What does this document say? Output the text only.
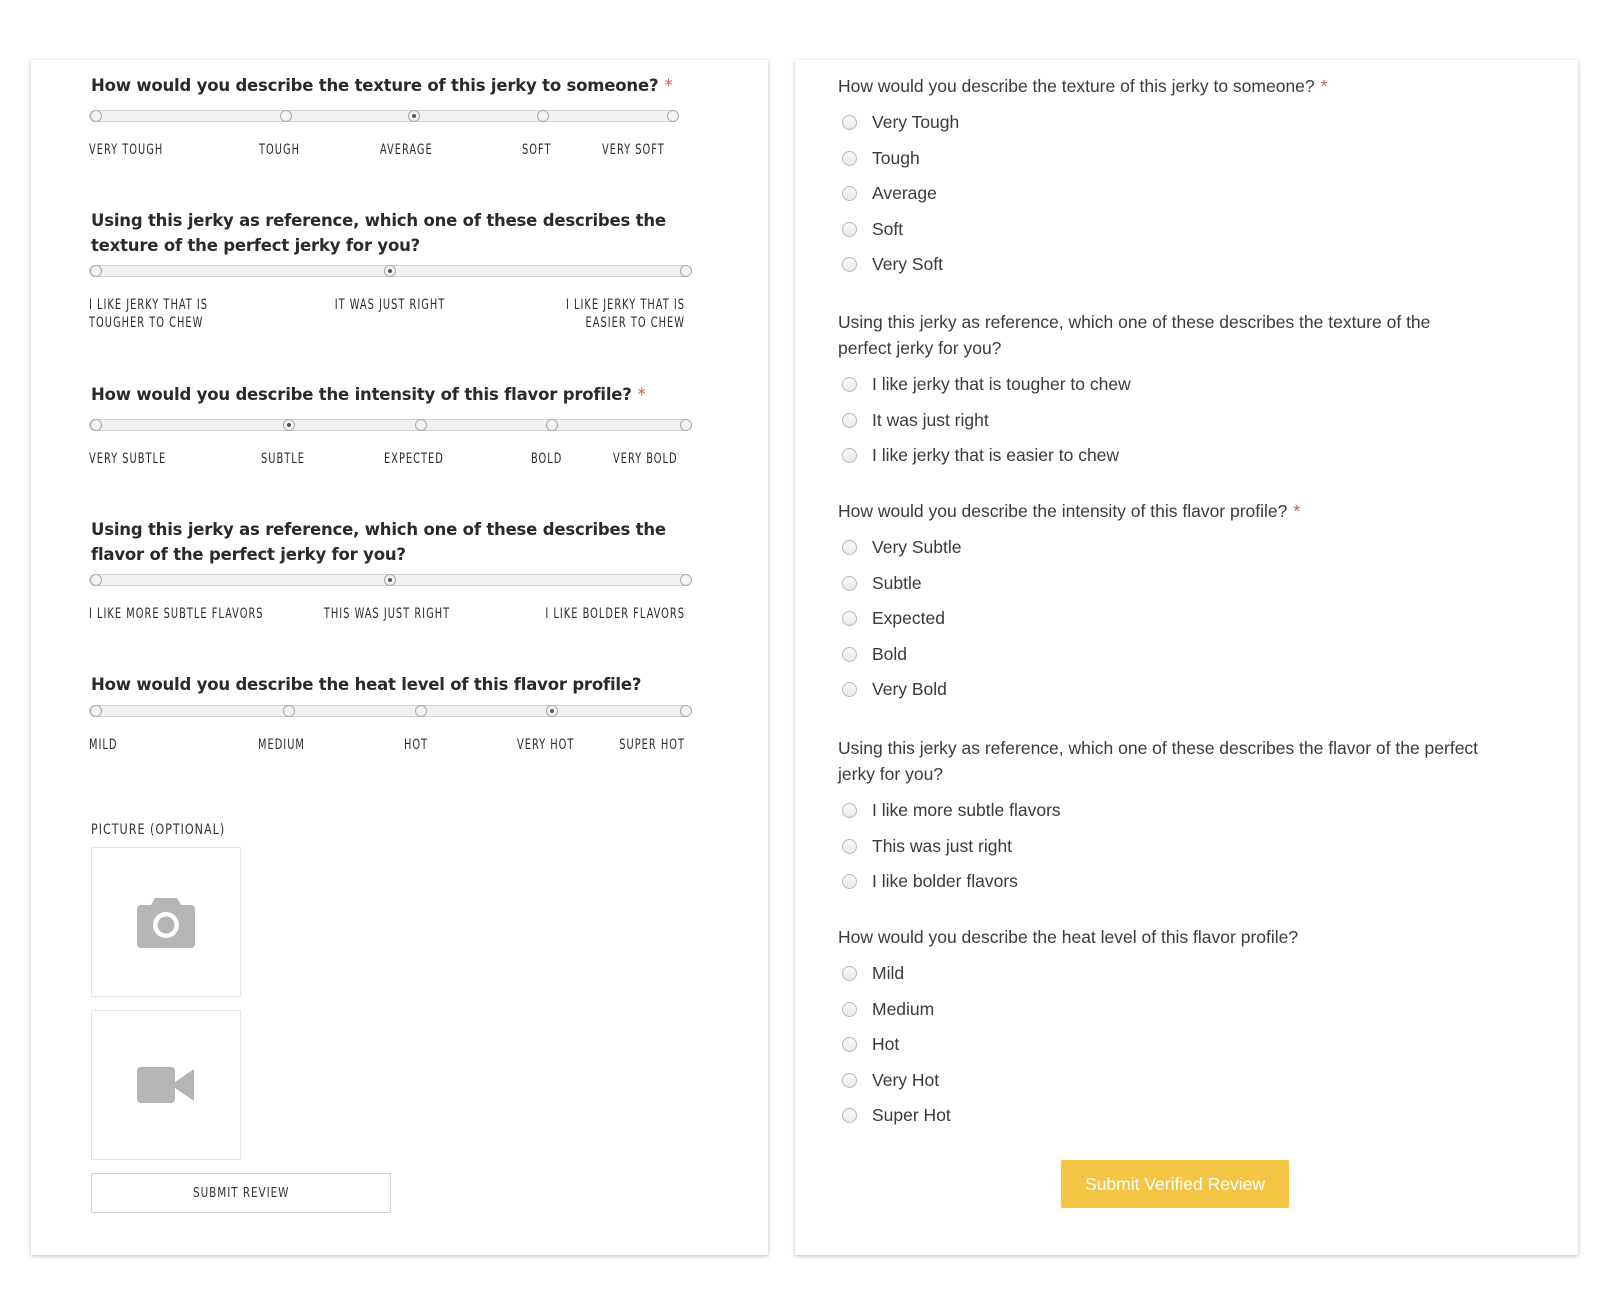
How would you describe the texture of this jerky to someone? *
VERY TOUGH	TOUGH	AVERAGE	SOFT	VERY SOFT
Using this jerky as reference, which one of these describes the texture of the perfect jerky for you?
I LIKE JERKY THAT IS TOUGHER TO CHEW
IT WAS JUST RIGHT	I LIKE JERKY THAT IS EASIER TO CHEW
How would you describe the intensity of this flavor profile? *
VERY SUBTLE	SUBTLE	EXPECTED	BOLD	VERY BOLD
Using this jerky as reference, which one of these describes the flavor of the perfect jerky for you?
I LIKE MORE SUBTLE FLAVORS	THIS WAS JUST RIGHT	I LIKE BOLDER FLAVORS
How would you describe the heat level of this flavor profile?
MILD	MEDIUM	HOT	VERY HOT	SUPER HOT
PICTURE (OPTIONAL)
SUBMIT REVIEW
How would you describe the texture of this jerky to someone? *
Very Tough
Tough
Average
Soft
Very Soft
Using this jerky as reference, which one of these describes the texture of the perfect jerky for you?
I like jerky that is tougher to chew
It was just right
I like jerky that is easier to chew
How would you describe the intensity of this flavor profile? *
Very Subtle
Subtle
Expected
Bold
Very Bold
Using this jerky as reference, which one of these describes the flavor of the perfect jerky for you?
I like more subtle flavors
This was just right
I like bolder flavors
How would you describe the heat level of this flavor profile?
Mild
Medium
Hot
Very Hot
Super Hot
Submit Verified Review
